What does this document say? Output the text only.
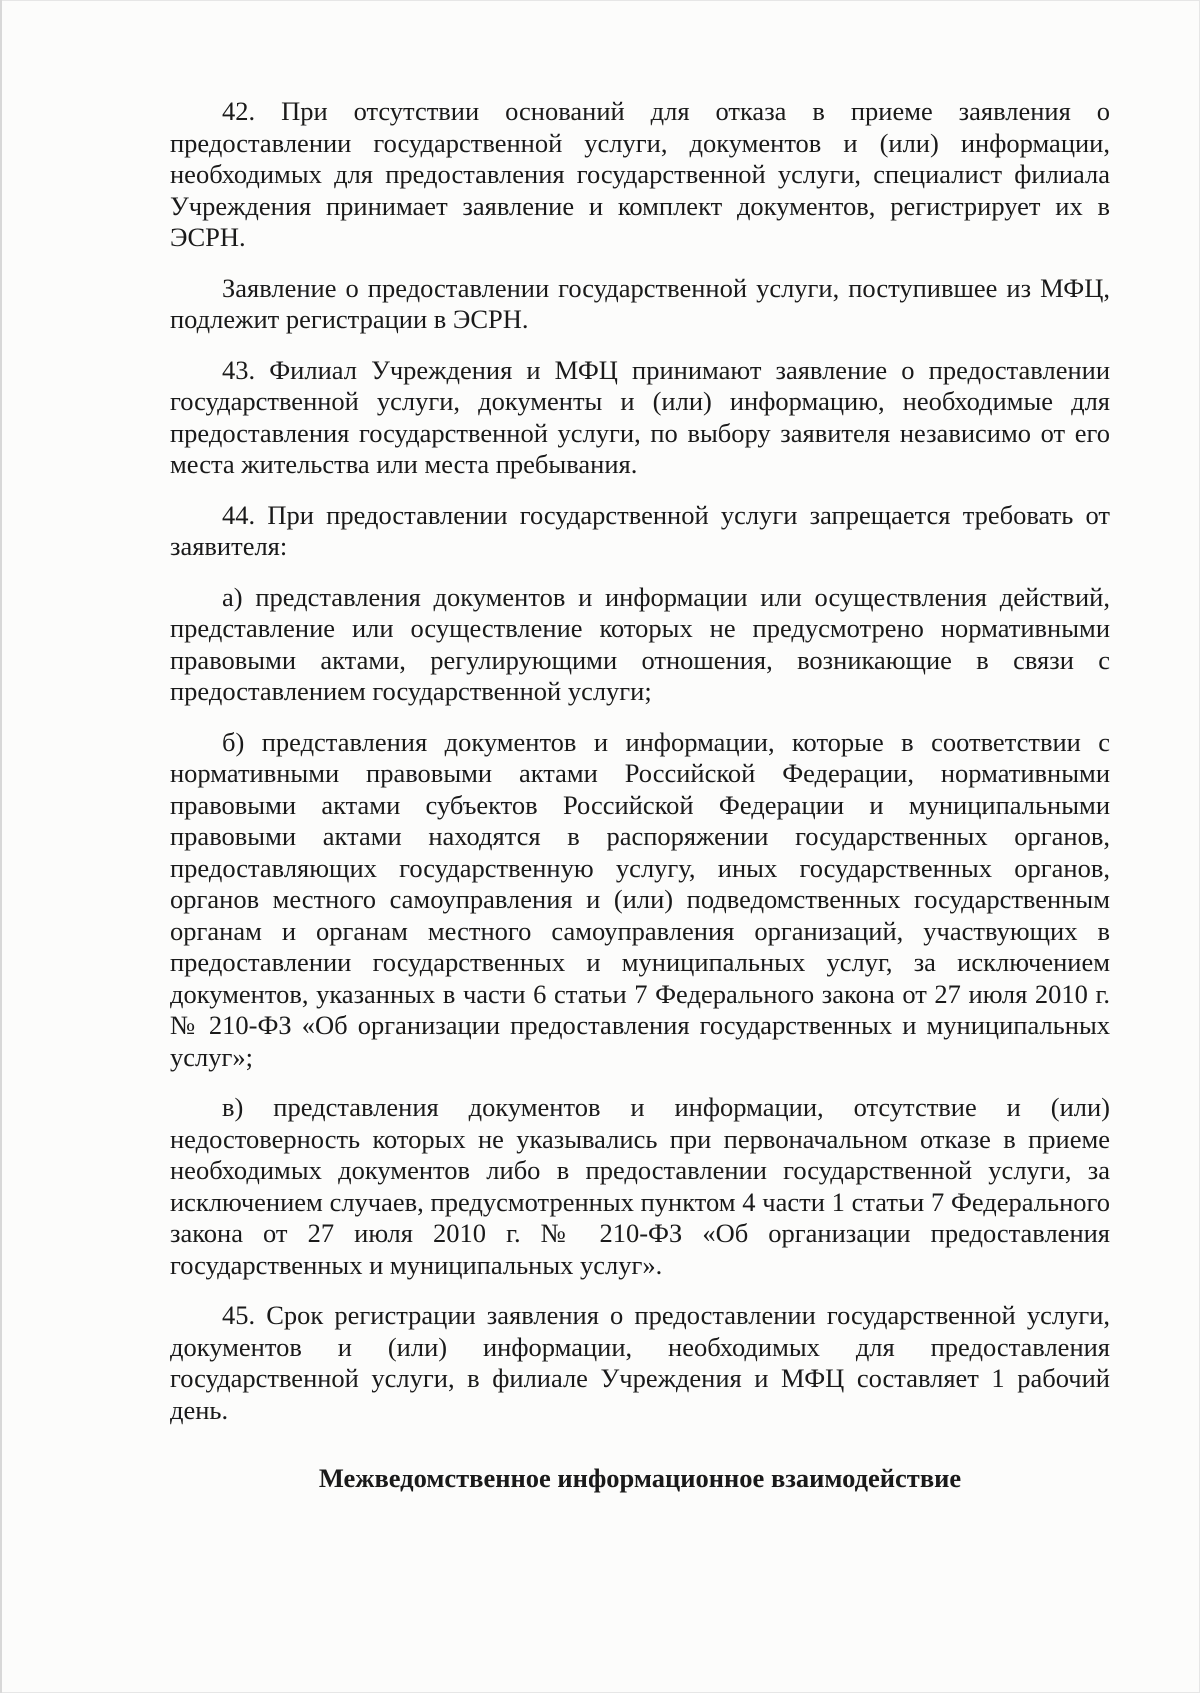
42. При отсутствии оснований для отказа в приеме заявления о предоставлении государственной услуги, документов и (или) информации, необходимых для предоставления государственной услуги, специалист филиала Учреждения принимает заявление и комплект документов, регистрирует их в ЭСРН.

Заявление о предоставлении государственной услуги, поступившее из МФЦ, подлежит регистрации в ЭСРН.

43. Филиал Учреждения и МФЦ принимают заявление о предоставлении государственной услуги, документы и (или) информацию, необходимые для предоставления государственной услуги, по выбору заявителя независимо от его места жительства или места пребывания.

44. При предоставлении государственной услуги запрещается требовать от заявителя:

а) представления документов и информации или осуществления действий, представление или осуществление которых не предусмотрено нормативными правовыми актами, регулирующими отношения, возникающие в связи с предоставлением государственной услуги;

б) представления документов и информации, которые в соответствии с нормативными правовыми актами Российской Федерации, нормативными правовыми актами субъектов Российской Федерации и муниципальными правовыми актами находятся в распоряжении государственных органов, предоставляющих государственную услугу, иных государственных органов, органов местного самоуправления и (или) подведомственных государственным органам и органам местного самоуправления организаций, участвующих в предоставлении государственных и муниципальных услуг, за исключением документов, указанных в части 6 статьи 7 Федерального закона от 27 июля 2010 г. № 210-ФЗ «Об организации предоставления государственных и муниципальных услуг»;

в) представления документов и информации, отсутствие и (или) недостоверность которых не указывались при первоначальном отказе в приеме необходимых документов либо в предоставлении государственной услуги, за исключением случаев, предусмотренных пунктом 4 части 1 статьи 7 Федерального закона от 27 июля 2010 г. № 210-ФЗ «Об организации предоставления государственных и муниципальных услуг».

45. Срок регистрации заявления о предоставлении государственной услуги, документов и (или) информации, необходимых для предоставления государственной услуги, в филиале Учреждения и МФЦ составляет 1 рабочий день.

Межведомственное информационное взаимодействие
